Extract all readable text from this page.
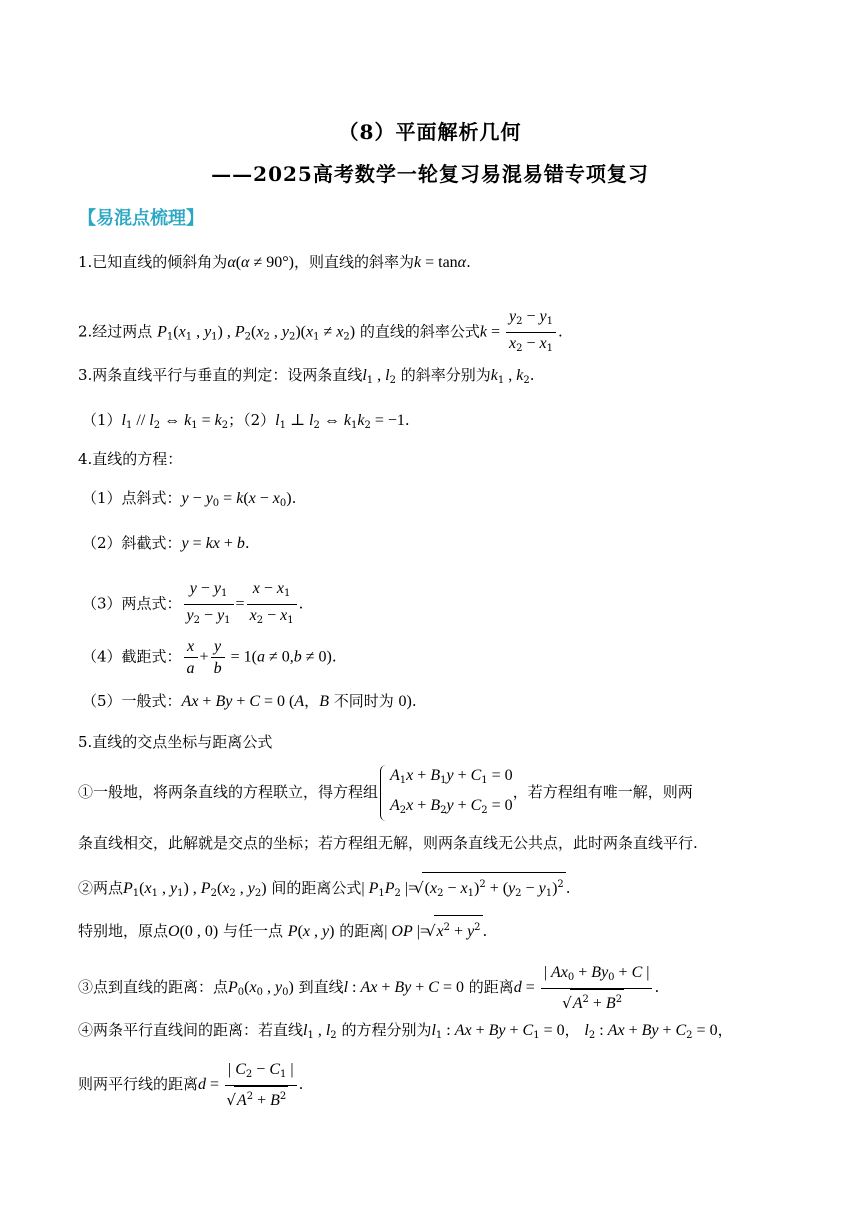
（8）平面解析几何
——2025高考数学一轮复习易混易错专项复习
【易混点梳理】
1.已知直线的倾斜角为α(α ≠ 90°)，则直线的斜率为k = tanα.
2.经过两点 $P_1(x_1$ , $y_1$) , $P_2(x_2$ , $y_2)(x_1 \ne x_2)$ 的直线的斜率公式$k = \frac{y_2 - y_1}{x_2 - x_1}$ .
3.两条直线平行与垂直的判定：设两条直线$l_1$ , $l_2$ 的斜率分别为$k_1$ , $k_2$.
$(1)l_1 // l_2$ ⇔ $k_1 = k_2$；$(2)l_1$ ⊥ $l_2$ ⇔ $k_1k_2 = -1$.
4.直线的方程：
（1）点斜式：$y - y_0 = k(x - x_0)$.
（2）斜截式：y = kx + b.
（3）两点式： $\frac{y - y_1}{y_2 - y_1} = \frac{x - x_1}{x_2 - x_1}$ .
（4）截距式： $\frac{x}{a} + \frac{y}{b} = 1(a \ne 0,b \ne 0)$.
（5）一般式：Ax + By + C = 0 (A，B 不同时为 0).
5.直线的交点坐标与距离公式
①一般地，将两条直线的方程联立，得方程组
$A_1x + B_1y + C_1 = 0$
$A_2x + B_2y + C_2 = 0$
，若方程组有唯一解，则两
条直线相交，此解就是交点的坐标；若方程组无解，则两条直线无公共点，此时两条直线平行.
②两点$P_1(x_1$ , $y_1$) , $P_2(x_2$ , $y_2$) 间的距离公式| $P_1P_2$ |= √ $(x_2 - x_1)^2 + (y_2 - y_1)^2$ .
特别地，原点O(0 , 0) 与任一点 P(x , y) 的距离| OP |= √ $x^2 + y^2$ .
③点到直线的距离：点$P_0(x_0$ , $y_0$) 到直线l : Ax + By + C = 0 的距离d = | $Ax_0 + By_0 + C$ |
√ $A^2 + B^2$ .
④两条平行直线间的距离：若直线$l_1$ , $l_2$ 的方程分别为$l_1$ : $Ax + By + C_1 = 0$， $l_2$ : $Ax + By + C_2 = 0$，
则两平行线的距离d = | $C_2 - C_1$ |
√ $A^2 + B^2$ .
